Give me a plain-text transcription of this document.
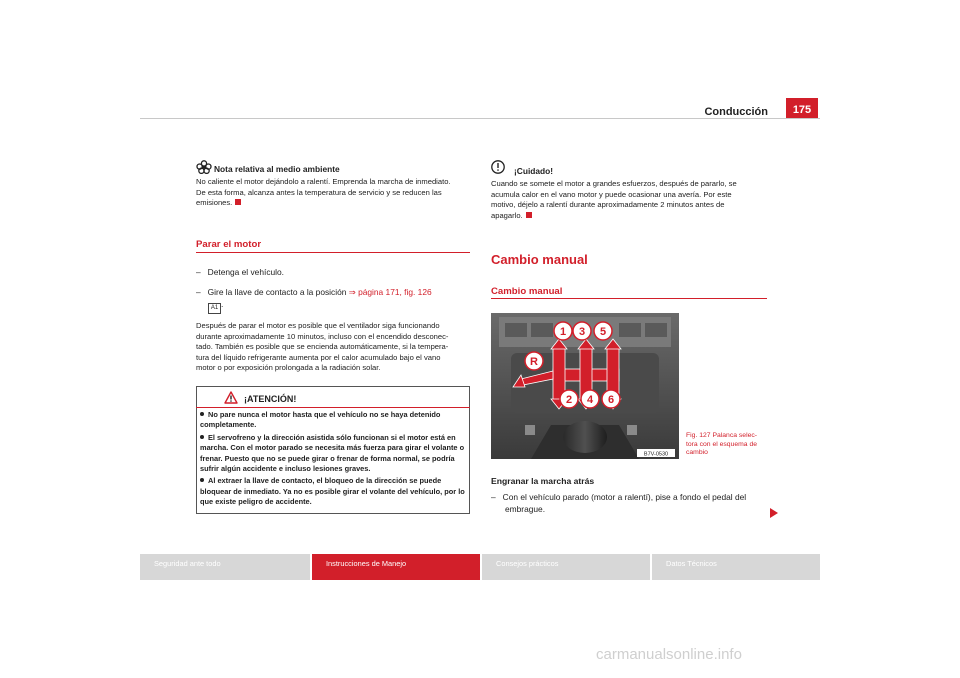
Conducción	175
Nota relativa al medio ambiente
No caliente el motor dejándolo a ralentí. Emprenda la marcha de inmediato.
De esta forma, alcanza antes la temperatura de servicio y se reducen las
emisiones.
Parar el motor
– Detenga el vehículo.
– Gire la llave de contacto a la posición ⇒ página 171, fig. 126
A1 .
Después de parar el motor es posible que el ventilador siga funcionando
durante aproximadamente 10 minutos, incluso con el encendido desconec-
tado. También es posible que se encienda automáticamente, si la tempera-
tura del líquido refrigerante aumenta por el calor acumulado bajo el vano
motor o por exposición prolongada a la radiación solar.
¡ATENCIÓN!
No pare nunca el motor hasta que el vehículo no se haya detenido
completamente.
El servofreno y la dirección asistida sólo funcionan si el motor está en
marcha. Con el motor parado se necesita más fuerza para girar el volante o
frenar. Puesto que no se puede girar o frenar de forma normal, se podría
sufrir algún accidente e incluso lesiones graves.
Al extraer la llave de contacto, el bloqueo de la dirección se puede
bloquear de inmediato. Ya no es posible girar el volante del vehículo, por lo
que existe peligro de accidente.
¡Cuidado!
Cuando se somete el motor a grandes esfuerzos, después de pararlo, se
acumula calor en el vano motor y puede ocasionar una avería. Por este
motivo, déjelo a ralentí durante aproximadamente 2 minutos antes de
apagarlo.
Cambio manual
Cambio manual
1 3 5
R
2 4 6
B7V-0530
Fig. 127 Palanca selec-
tora con el esquema de
cambio
Engranar la marcha atrás
– Con el vehículo parado (motor a ralentí), pise a fondo el pedal del
embrague.
Seguridad ante todo	Instrucciones de Manejo	Consejos prácticos	Datos Técnicos
carmanualsonline.info
